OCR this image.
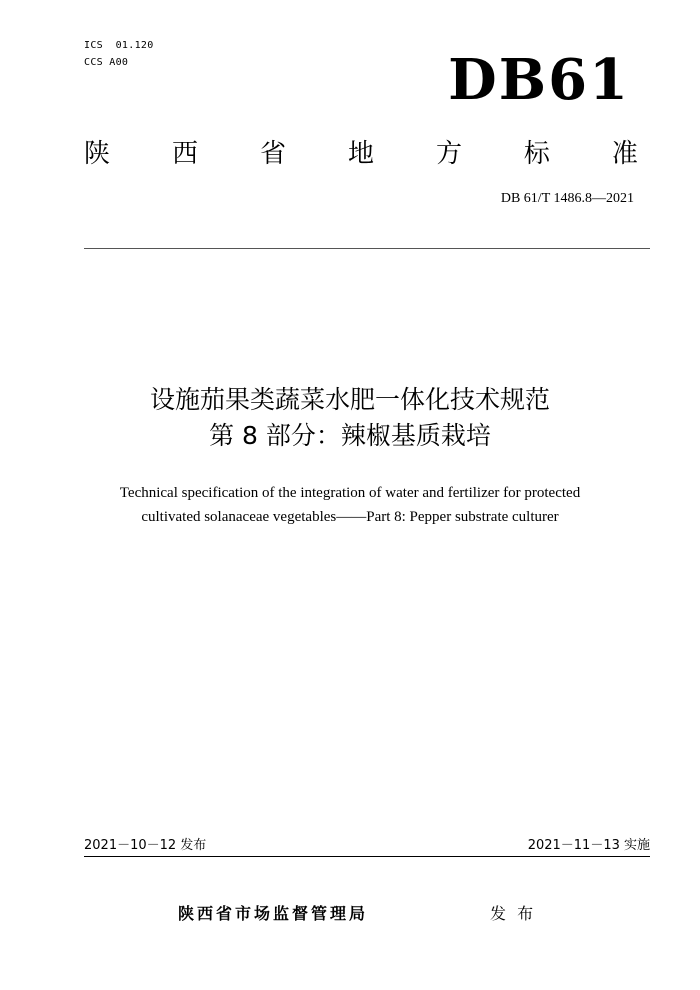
ICS  01.120
CCS A00	DB61
陕 西 省 地 方 标 准
DB 61/T 1486.8—2021
设施茄果类蔬菜水肥一体化技术规范
第 8 部分：辣椒基质栽培
Technical specification of the integration of water and fertilizer for protected
cultivated solanaceae vegetables——Part 8: Pepper substrate culturer
2021－10－12 发布	2021－11－13 实施
陕西省市场监督管理局	发 布
